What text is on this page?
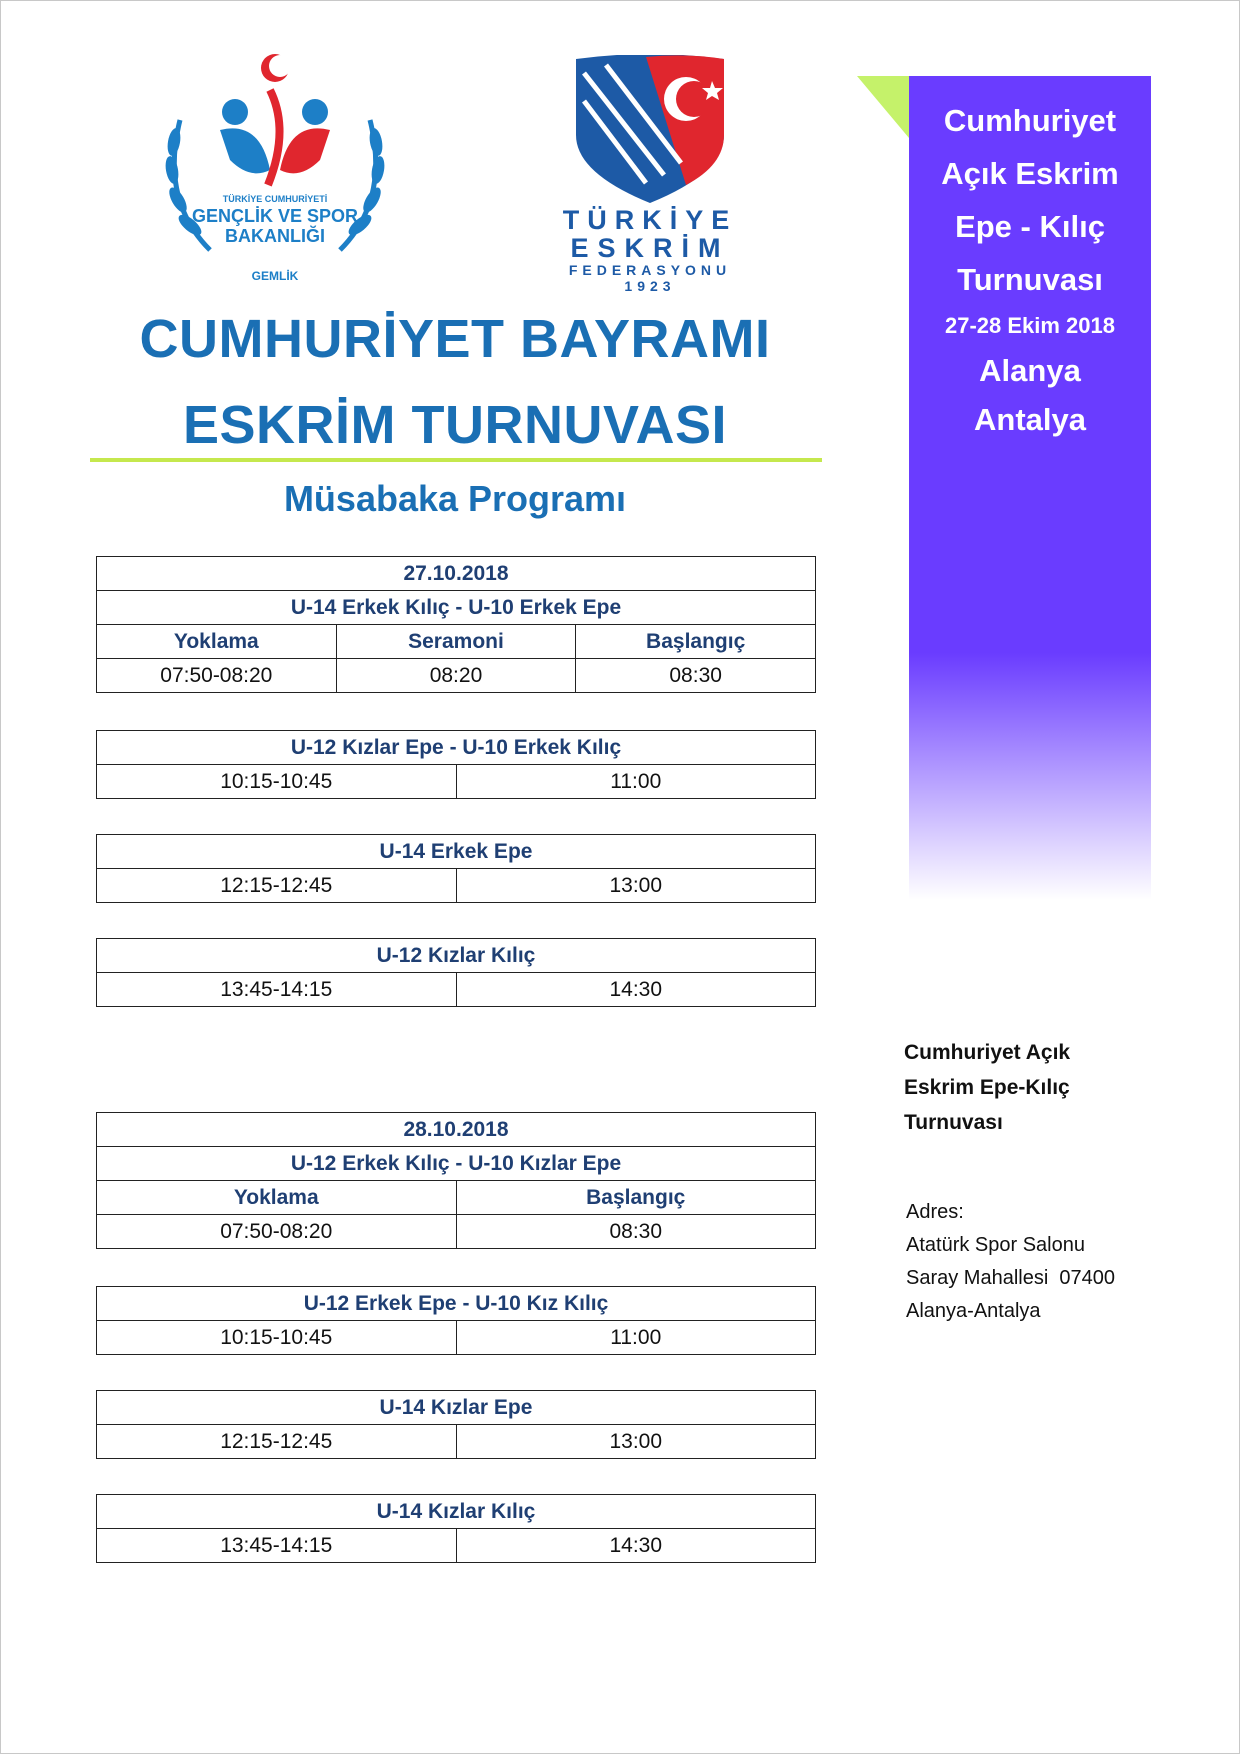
TÜRKİYE CUMHURİYETİ
GENÇLİK VE SPOR
BAKANLIĞI
GEMLİK
TÜRKİYE
ESKRİM
FEDERASYONU
1923
CUMHURİYET BAYRAMI
ESKRİM TURNUVASI
Müsabaka Programı
Cumhuriyet
Açık Eskrim
Epe - Kılıç
Turnuvası
27-28 Ekim 2018
Alanya
Antalya
Cumhuriyet Açık
Eskrim Epe-Kılıç
Turnuvası
Adres:
Atatürk Spor Salonu
Saray Mahallesi  07400
Alanya-Antalya
27.10.2018		
U-14 Erkek Kılıç - U-10 Erkek Epe		
Yoklama	Seramoni	Başlangıç
07:50-08:20	08:20	08:30
U-12 Kızlar Epe - U-10 Erkek Kılıç
10:15-10:45	11:00
U-14 Erkek Epe
12:15-12:45	13:00
U-12 Kızlar Kılıç
13:45-14:15	14:30
28.10.2018	
U-12 Erkek Kılıç - U-10 Kızlar Epe	
Yoklama	Başlangıç
07:50-08:20	08:30
U-12 Erkek Epe - U-10 Kız Kılıç
10:15-10:45	11:00
U-14 Kızlar Epe
12:15-12:45	13:00
U-14 Kızlar Kılıç
13:45-14:15	14:30
